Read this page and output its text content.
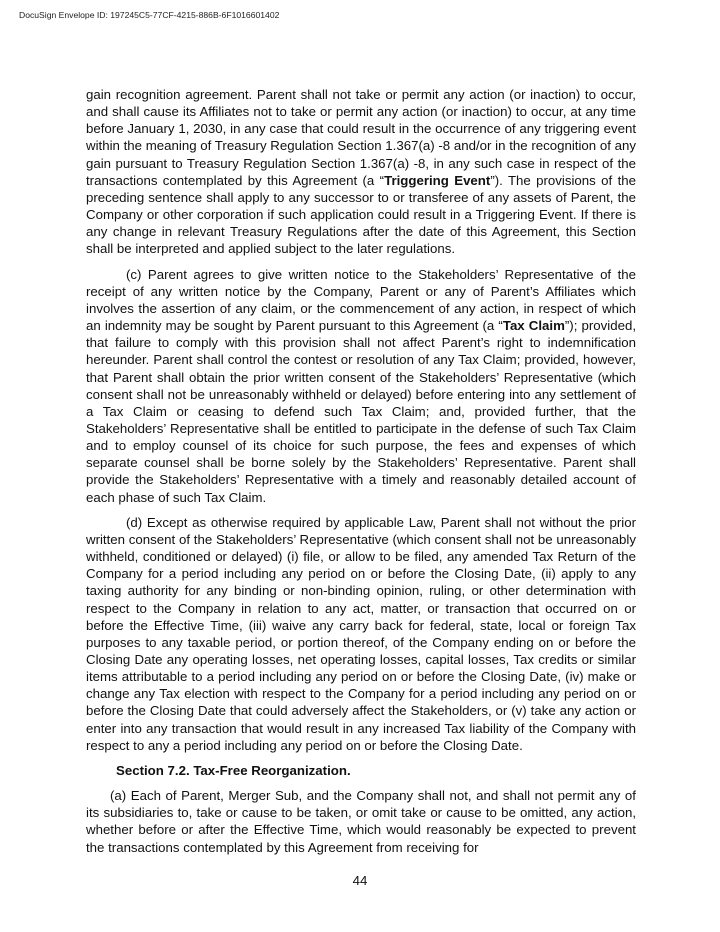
DocuSign Envelope ID: 197245C5-77CF-4215-886B-6F1016601402

gain recognition agreement. Parent shall not take or permit any action (or inaction) to occur, and shall cause its Affiliates not to take or permit any action (or inaction) to occur, at any time before January 1, 2030, in any case that could result in the occurrence of any triggering event within the meaning of Treasury Regulation Section 1.367(a) -8 and/or in the recognition of any gain pursuant to Treasury Regulation Section 1.367(a) -8, in any such case in respect of the transactions contemplated by this Agreement (a “Triggering Event”). The provisions of the preceding sentence shall apply to any successor to or transferee of any assets of Parent, the Company or other corporation if such application could result in a Triggering Event. If there is any change in relevant Treasury Regulations after the date of this Agreement, this Section shall be interpreted and applied subject to the later regulations.

(c) Parent agrees to give written notice to the Stakeholders’ Representative of the receipt of any written notice by the Company, Parent or any of Parent’s Affiliates which involves the assertion of any claim, or the commencement of any action, in respect of which an indemnity may be sought by Parent pursuant to this Agreement (a “Tax Claim”); provided, that failure to comply with this provision shall not affect Parent’s right to indemnification hereunder. Parent shall control the contest or resolution of any Tax Claim; provided, however, that Parent shall obtain the prior written consent of the Stakeholders’ Representative (which consent shall not be unreasonably withheld or delayed) before entering into any settlement of a Tax Claim or ceasing to defend such Tax Claim; and, provided further, that the Stakeholders’ Representative shall be entitled to participate in the defense of such Tax Claim and to employ counsel of its choice for such purpose, the fees and expenses of which separate counsel shall be borne solely by the Stakeholders’ Representative. Parent shall provide the Stakeholders’ Representative with a timely and reasonably detailed account of each phase of such Tax Claim.

(d) Except as otherwise required by applicable Law, Parent shall not without the prior written consent of the Stakeholders’ Representative (which consent shall not be unreasonably withheld, conditioned or delayed) (i) file, or allow to be filed, any amended Tax Return of the Company for a period including any period on or before the Closing Date, (ii) apply to any taxing authority for any binding or non-binding opinion, ruling, or other determination with respect to the Company in relation to any act, matter, or transaction that occurred on or before the Effective Time, (iii) waive any carry back for federal, state, local or foreign Tax purposes to any taxable period, or portion thereof, of the Company ending on or before the Closing Date any operating losses, net operating losses, capital losses, Tax credits or similar items attributable to a period including any period on or before the Closing Date, (iv) make or change any Tax election with respect to the Company for a period including any period on or before the Closing Date that could adversely affect the Stakeholders, or (v) take any action or enter into any transaction that would result in any increased Tax liability of the Company with respect to any a period including any period on or before the Closing Date.

Section 7.2. Tax-Free Reorganization.

(a) Each of Parent, Merger Sub, and the Company shall not, and shall not permit any of its subsidiaries to, take or cause to be taken, or omit take or cause to be omitted, any action, whether before or after the Effective Time, which would reasonably be expected to prevent the transactions contemplated by this Agreement from receiving for

44
